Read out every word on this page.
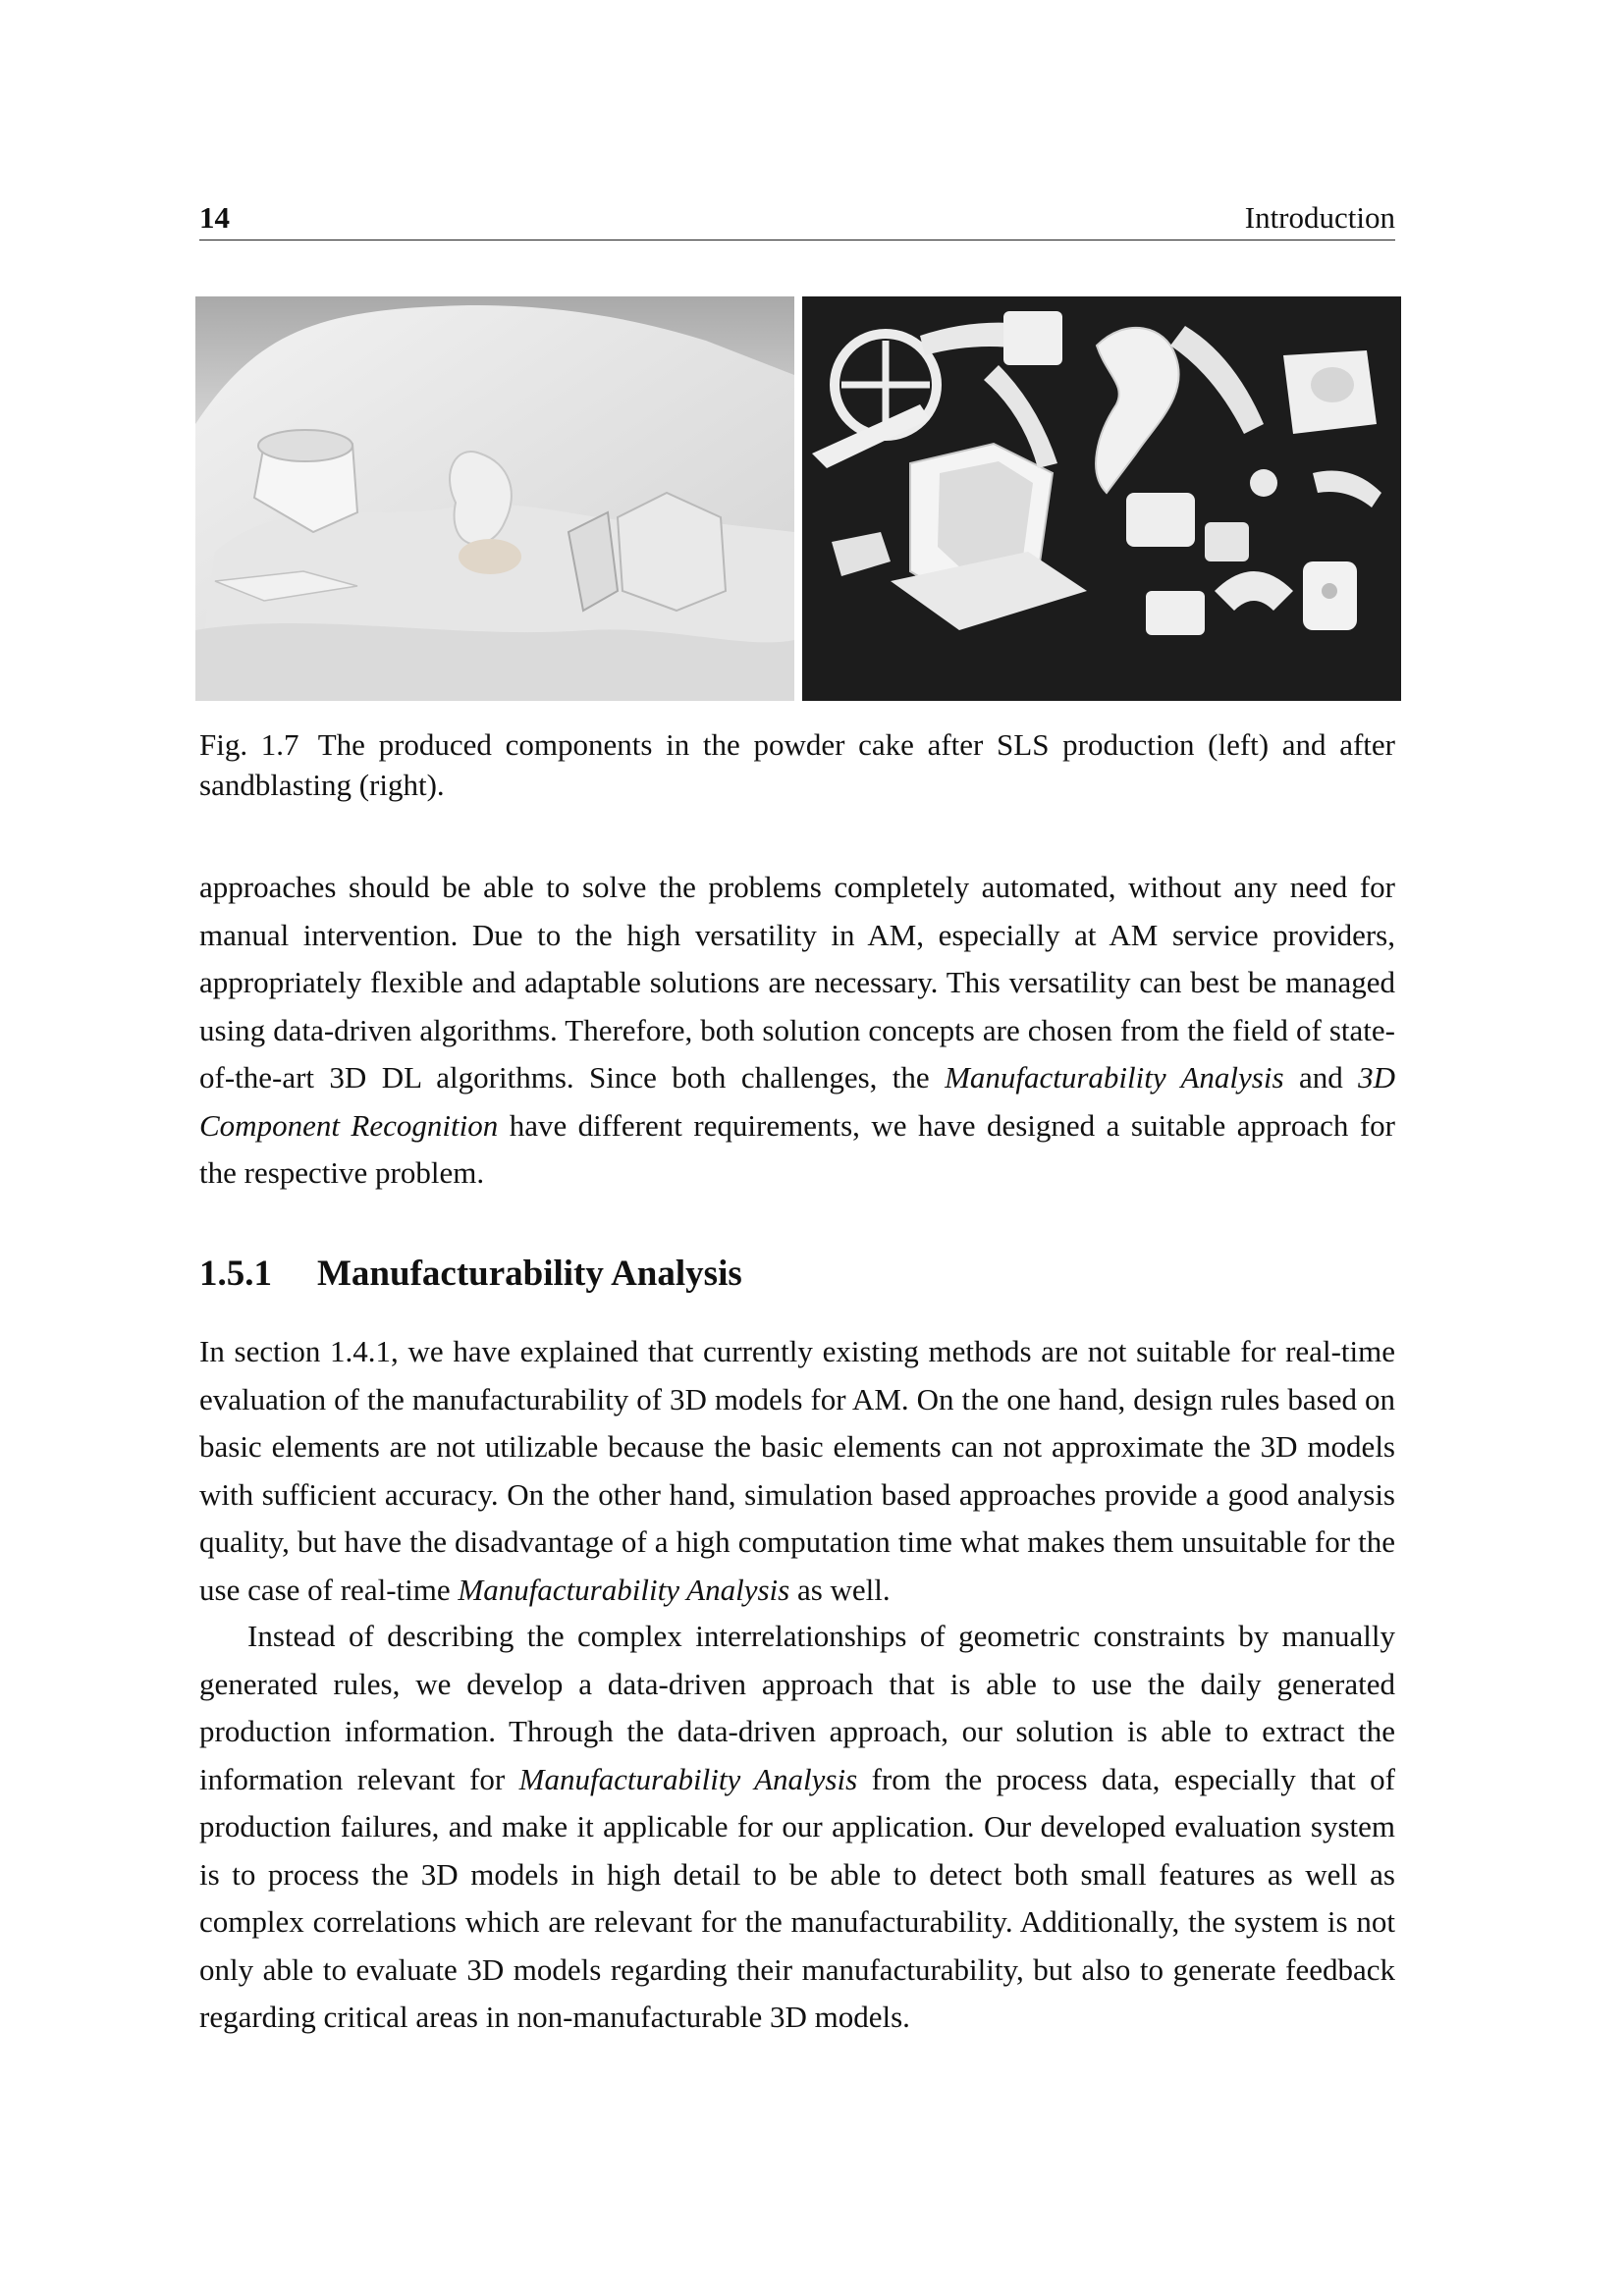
14	Introduction
Fig. 1.7 The produced components in the powder cake after SLS production (left) and after sandblasting (right).

approaches should be able to solve the problems completely automated, without any need for manual intervention. Due to the high versatility in AM, especially at AM service providers, appropriately flexible and adaptable solutions are necessary. This versatility can best be managed using data-driven algorithms. Therefore, both solution concepts are chosen from the field of state-of-the-art 3D DL algorithms. Since both challenges, the Manufacturability Analysis and 3D Component Recognition have different requirements, we have designed a suitable approach for the respective problem.

1.5.1 Manufacturability Analysis

In section 1.4.1, we have explained that currently existing methods are not suitable for real-time evaluation of the manufacturability of 3D models for AM. On the one hand, design rules based on basic elements are not utilizable because the basic elements can not approximate the 3D models with sufficient accuracy. On the other hand, simulation based approaches provide a good analysis quality, but have the disadvantage of a high computation time what makes them unsuitable for the use case of real-time Manufacturability Analysis as well.

Instead of describing the complex interrelationships of geometric constraints by manually generated rules, we develop a data-driven approach that is able to use the daily generated production information. Through the data-driven approach, our solution is able to extract the information relevant for Manufacturability Analysis from the process data, especially that of production failures, and make it applicable for our application. Our developed evaluation system is to process the 3D models in high detail to be able to detect both small features as well as complex correlations which are relevant for the manufacturability. Additionally, the system is not only able to evaluate 3D models regarding their manufacturability, but also to generate feedback regarding critical areas in non-manufacturable 3D models.
